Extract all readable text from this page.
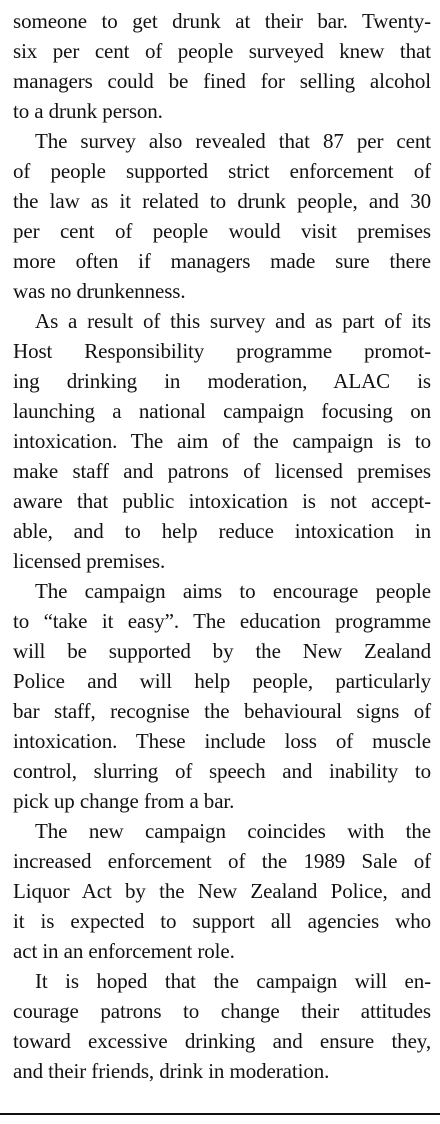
someone to get drunk at their bar. Twenty-
six per cent of people surveyed knew that
managers could be fined for selling alcohol
to a drunk person.
The survey also revealed that 87 per cent
of people supported strict enforcement of
the law as it related to drunk people, and 30
per cent of people would visit premises
more often if managers made sure there
was no drunkenness.
As a result of this survey and as part of its
Host Responsibility programme promot-
ing drinking in moderation, ALAC is
launching a national campaign focusing on
intoxication. The aim of the campaign is to
make staff and patrons of licensed premises
aware that public intoxication is not accept-
able, and to help reduce intoxication in
licensed premises.
The campaign aims to encourage people
to “take it easy”. The education programme
will be supported by the New Zealand
Police and will help people, particularly
bar staff, recognise the behavioural signs of
intoxication. These include loss of muscle
control, slurring of speech and inability to
pick up change from a bar.
The new campaign coincides with the
increased enforcement of the 1989 Sale of
Liquor Act by the New Zealand Police, and
it is expected to support all agencies who
act in an enforcement role.
It is hoped that the campaign will en-
courage patrons to change their attitudes
toward excessive drinking and ensure they,
and their friends, drink in moderation.
